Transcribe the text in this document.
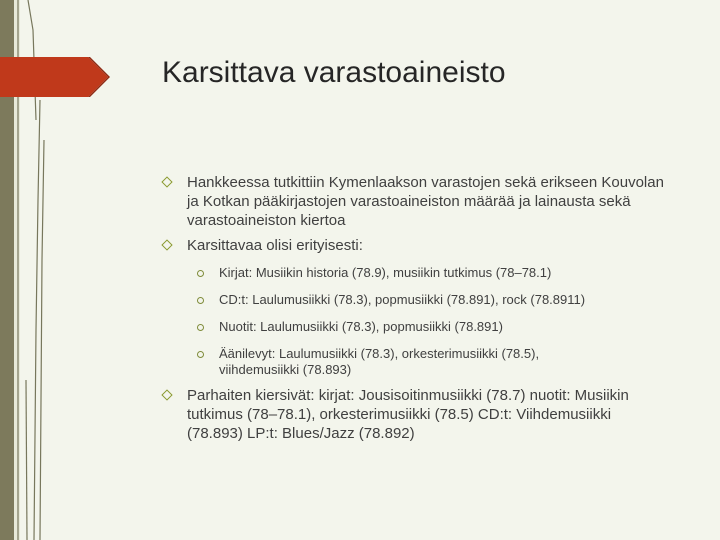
Karsittava varastoaineisto
Hankkeessa tutkittiin Kymenlaakson varastojen sekä erikseen Kouvolan ja Kotkan pääkirjastojen varastoaineiston määrää ja lainausta sekä varastoaineiston kiertoa
Karsittavaa olisi erityisesti:
Kirjat: Musiikin historia (78.9), musiikin tutkimus (78–78.1)
CD:t: Laulumusiikki (78.3), popmusiikki (78.891), rock (78.8911)
Nuotit: Laulumusiikki (78.3), popmusiikki (78.891)
Äänilevyt: Laulumusiikki (78.3), orkesterimusiikki (78.5), viihdemusiikki (78.893)
Parhaiten kiersivät: kirjat: Jousisoitinmusiikki (78.7) nuotit: Musiikin tutkimus (78–78.1), orkesterimusiikki (78.5) CD:t: Viihdemusiikki (78.893) LP:t: Blues/Jazz (78.892)
